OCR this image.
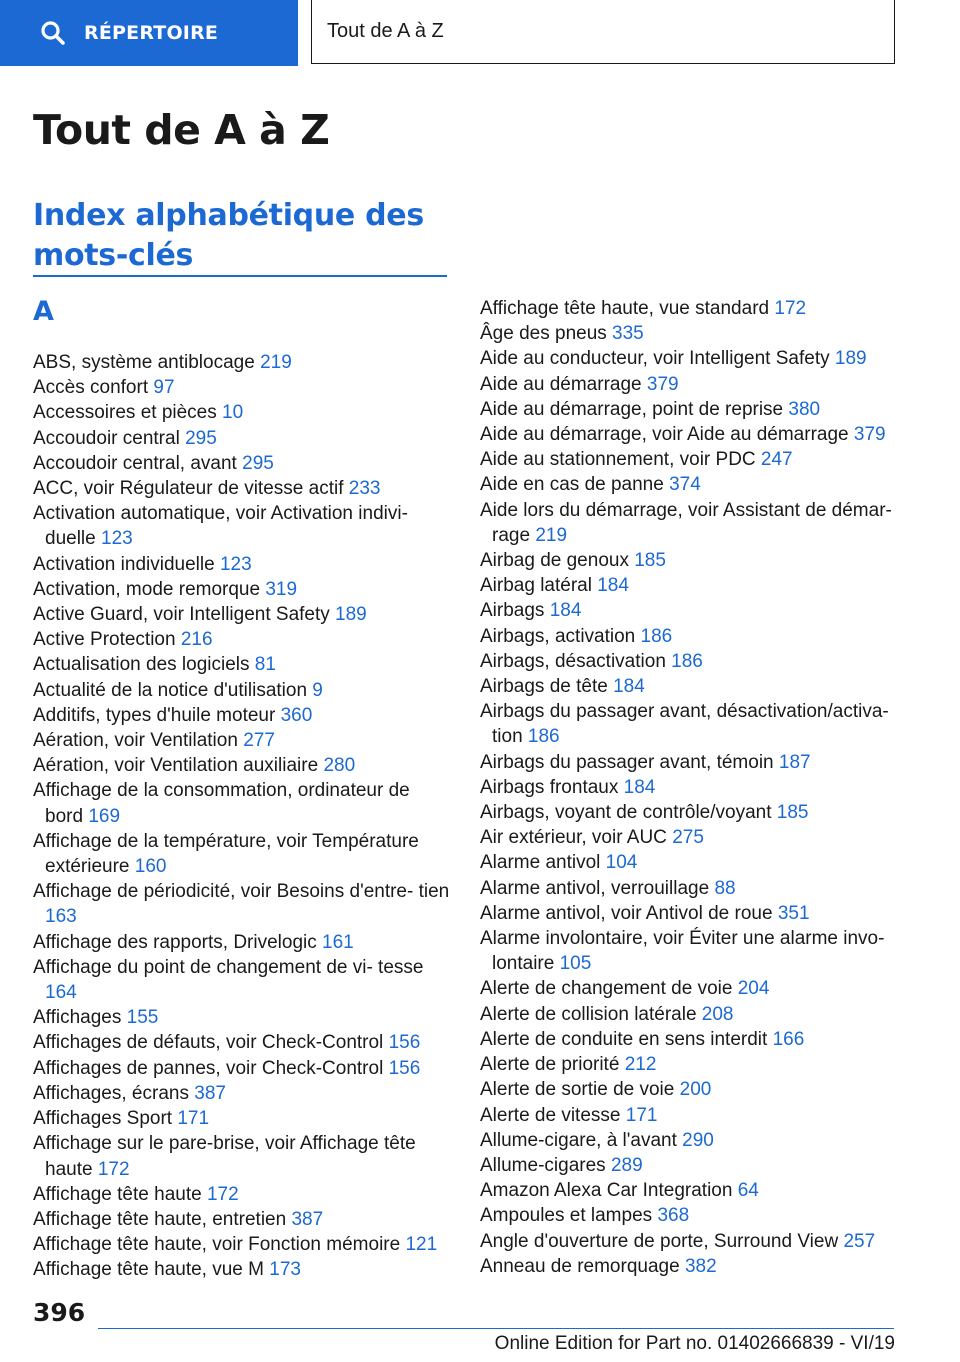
RÉPERTOIRE	Tout de A à Z
Tout de A à Z
Index alphabétique des mots-clés
A
ABS, système antiblocage 219
Accès confort 97
Accessoires et pièces 10
Accoudoir central 295
Accoudoir central, avant 295
ACC, voir Régulateur de vitesse actif 233
Activation automatique, voir Activation indivi‐ duelle 123
Activation individuelle 123
Activation, mode remorque 319
Active Guard, voir Intelligent Safety 189
Active Protection 216
Actualisation des logiciels 81
Actualité de la notice d'utilisation 9
Additifs, types d'huile moteur 360
Aération, voir Ventilation 277
Aération, voir Ventilation auxiliaire 280
Affichage de la consommation, ordinateur de bord 169
Affichage de la température, voir Température extérieure 160
Affichage de périodicité, voir Besoins d'entre‐ tien 163
Affichage des rapports, Drivelogic 161
Affichage du point de changement de vi‐ tesse 164
Affichages 155
Affichages de défauts, voir Check-Control 156
Affichages de pannes, voir Check-Control 156
Affichages, écrans 387
Affichages Sport 171
Affichage sur le pare-brise, voir Affichage tête haute 172
Affichage tête haute 172
Affichage tête haute, entretien 387
Affichage tête haute, voir Fonction mémoire 121
Affichage tête haute, vue M 173
Affichage tête haute, vue standard 172
Âge des pneus 335
Aide au conducteur, voir Intelligent Safety 189
Aide au démarrage 379
Aide au démarrage, point de reprise 380
Aide au démarrage, voir Aide au démarrage 379
Aide au stationnement, voir PDC 247
Aide en cas de panne 374
Aide lors du démarrage, voir Assistant de démar‐ rage 219
Airbag de genoux 185
Airbag latéral 184
Airbags 184
Airbags, activation 186
Airbags, désactivation 186
Airbags de tête 184
Airbags du passager avant, désactivation/activa‐ tion 186
Airbags du passager avant, témoin 187
Airbags frontaux 184
Airbags, voyant de contrôle/voyant 185
Air extérieur, voir AUC 275
Alarme antivol 104
Alarme antivol, verrouillage 88
Alarme antivol, voir Antivol de roue 351
Alarme involontaire, voir Éviter une alarme invo‐ lontaire 105
Alerte de changement de voie 204
Alerte de collision latérale 208
Alerte de conduite en sens interdit 166
Alerte de priorité 212
Alerte de sortie de voie 200
Alerte de vitesse 171
Allume-cigare, à l'avant 290
Allume-cigares 289
Amazon Alexa Car Integration 64
Ampoules et lampes 368
Angle d'ouverture de porte, Surround View 257
Anneau de remorquage 382
396
Online Edition for Part no. 01402666839 - VI/19
